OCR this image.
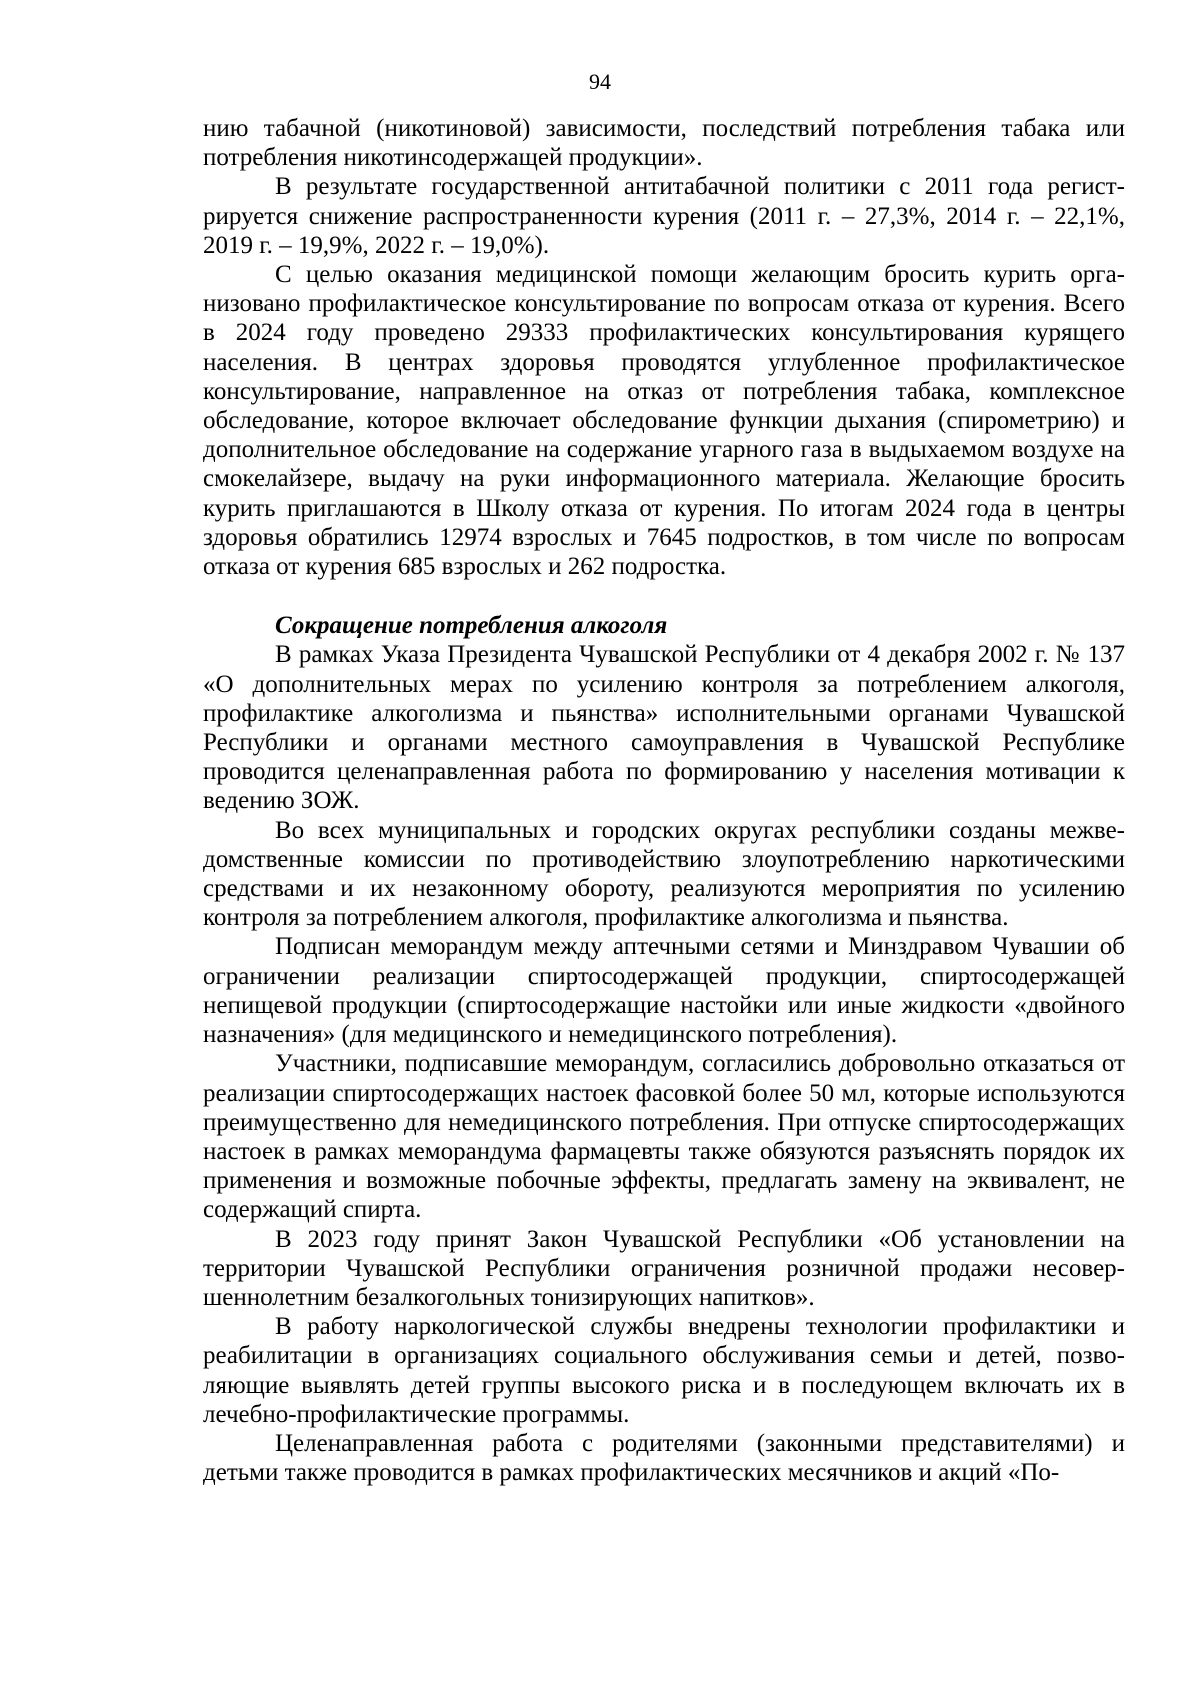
94

нию табачной (никотиновой) зависимости, последствий потребления табака или потребления никотинсодержащей продукции».

В результате государственной антитабачной политики с 2011 года регистрируется снижение распространенности курения (2011 г. – 27,3%, 2014 г. – 22,1%, 2019 г. – 19,9%, 2022 г. – 19,0%).

С целью оказания медицинской помощи желающим бросить курить организовано профилактическое консультирование по вопросам отказа от курения. Всего в 2024 году проведено 29333 профилактических консультирования курящего населения. В центрах здоровья проводятся углубленное профилактическое консультирование, направленное на отказ от потребления табака, комплексное обследование, которое включает обследование функции дыхания (спирометрию) и дополнительное обследование на содержание угарного газа в выдыхаемом воздухе на смокелайзере, выдачу на руки информационного материала. Желающие бросить курить приглашаются в Школу отказа от курения. По итогам 2024 года в центры здоровья обратились 12974 взрослых и 7645 подростков, в том числе по вопросам отказа от курения 685 взрослых и 262 подростка.

Сокращение потребления алкоголя

В рамках Указа Президента Чувашской Республики от 4 декабря 2002 г. № 137 «О дополнительных мерах по усилению контроля за потреблением алкоголя, профилактике алкоголизма и пьянства» исполнительными органами Чувашской Республики и органами местного самоуправления в Чувашской Республике проводится целенаправленная работа по формированию у населения мотивации к ведению ЗОЖ.

Во всех муниципальных и городских округах республики созданы межведомственные комиссии по противодействию злоупотреблению наркотическими средствами и их незаконному обороту, реализуются мероприятия по усилению контроля за потреблением алкоголя, профилактике алкоголизма и пьянства.

Подписан меморандум между аптечными сетями и Минздравом Чувашии об ограничении реализации спиртосодержащей продукции, спиртосодержащей непищевой продукции (спиртосодержащие настойки или иные жидкости «двойного назначения» (для медицинского и немедицинского потребления).

Участники, подписавшие меморандум, согласились добровольно отказаться от реализации спиртосодержащих настоек фасовкой более 50 мл, которые используются преимущественно для немедицинского потребления. При отпуске спиртосодержащих настоек в рамках меморандума фармацевты также обязуются разъяснять порядок их применения и возможные побочные эффекты, предлагать замену на эквивалент, не содержащий спирта.

В 2023 году принят Закон Чувашской Республики «Об установлении на территории Чувашской Республики ограничения розничной продажи несовершеннолетним безалкогольных тонизирующих напитков».

В работу наркологической службы внедрены технологии профилактики и реабилитации в организациях социального обслуживания семьи и детей, позволяющие выявлять детей группы высокого риска и в последующем включать их в лечебно-профилактические программы.

Целенаправленная работа с родителями (законными представителями) и детьми также проводится в рамках профилактических месячников и акций «По-
